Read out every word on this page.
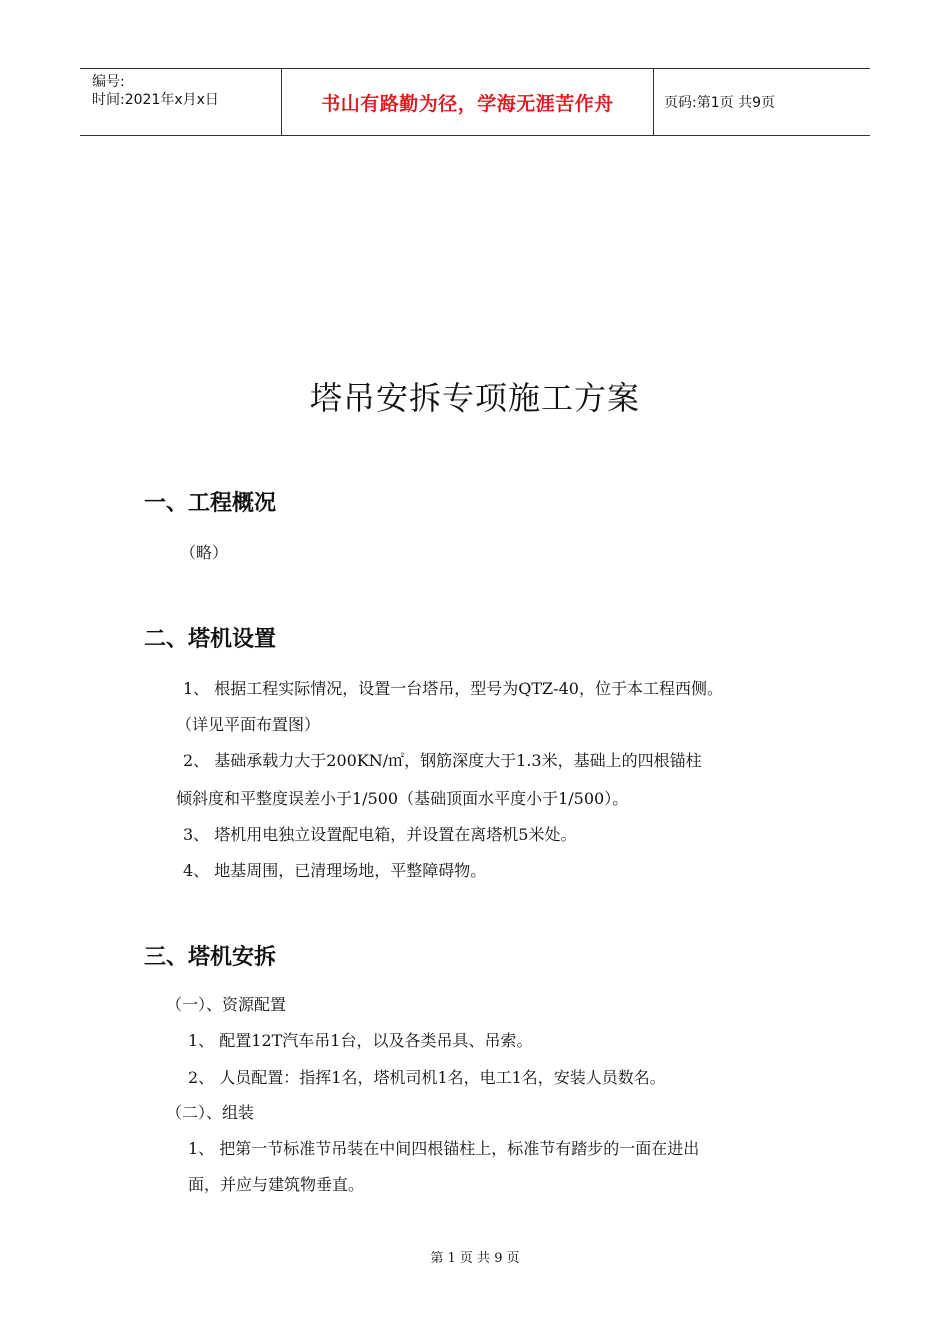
编号:
时间:2021年x月x日	书山有路勤为径，学海无涯苦作舟	页码:第1页 共9页
塔吊安拆专项施工方案
一、工程概况
（略）
二、塔机设置
1、 根据工程实际情况，设置一台塔吊，型号为QTZ-40，位于本工程西侧。
（详见平面布置图）
2、 基础承载力大于200KN/㎡，钢筋深度大于1.3米，基础上的四根锚柱
倾斜度和平整度误差小于1/500（基础顶面水平度小于1/500）。
3、 塔机用电独立设置配电箱，并设置在离塔机5米处。
4、 地基周围，已清理场地，平整障碍物。
三、塔机安拆
（一）、资源配置
1、 配置12T汽车吊1台，以及各类吊具、吊索。
2、 人员配置：指挥1名，塔机司机1名，电工1名，安装人员数名。
（二）、组装
1、 把第一节标准节吊装在中间四根锚柱上，标准节有踏步的一面在进出
面，并应与建筑物垂直。
第 1 页 共 9 页
